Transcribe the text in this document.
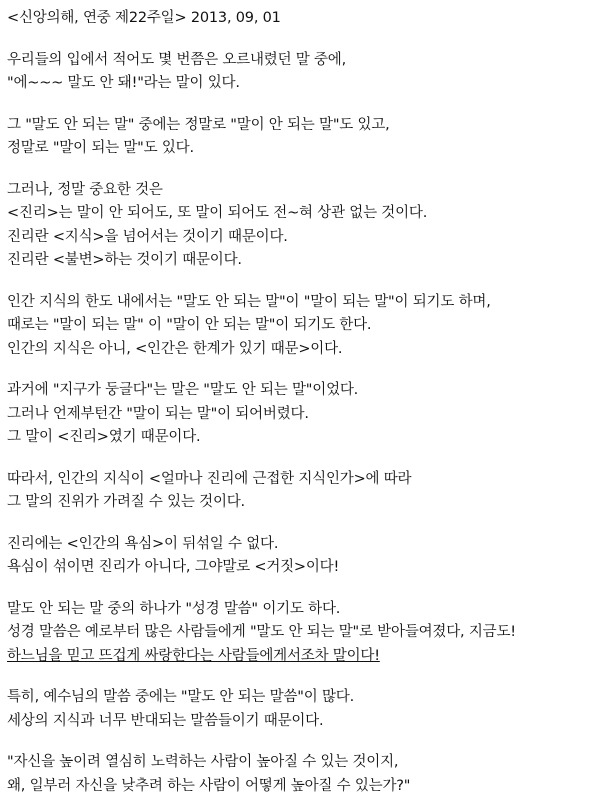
<신앙의해, 연중 제22주일> 2013, 09, 01
우리들의 입에서 적어도 몇 번쯤은 오르내렸던 말 중에,
"에~~~ 말도 안 돼!"라는 말이 있다.
그 "말도 안 되는 말" 중에는 정말로 "말이 안 되는 말"도 있고,
정말로 "말이 되는 말"도 있다.
그러나, 정말 중요한 것은
<진리>는 말이 안 되어도, 또 말이 되어도 전~혀 상관 없는 것이다.
진리란 <지식>을 넘어서는 것이기 때문이다.
진리란 <불변>하는 것이기 때문이다.
인간 지식의 한도 내에서는 "말도 안 되는 말"이 "말이 되는 말"이 되기도 하며,
때로는 "말이 되는 말" 이 "말이 안 되는 말"이 되기도 한다.
인간의 지식은 아니, <인간은 한계가 있기 때문>이다.
과거에 "지구가 둥글다"는 말은 "말도 안 되는 말"이었다.
그러나 언제부턴간 "말이 되는 말"이 되어버렸다.
그 말이 <진리>였기 때문이다.
따라서, 인간의 지식이 <얼마나 진리에 근접한 지식인가>에 따라
그 말의 진위가 가려질 수 있는 것이다.
진리에는 <인간의 욕심>이 뒤섞일 수 없다.
욕심이 섞이면 진리가 아니다, 그야말로 <거짓>이다!
말도 안 되는 말 중의 하나가 "성경 말씀" 이기도 하다.
성경 말씀은 예로부터 많은 사람들에게 "말도 안 되는 말"로 받아들여졌다, 지금도!
하느님을 믿고 뜨겁게 싸랑한다는 사람들에게서조차 말이다!
특히, 예수님의 말씀 중에는 "말도 안 되는 말씀"이 많다.
세상의 지식과 너무 반대되는 말씀들이기 때문이다.
"자신을 높이려 열심히 노력하는 사람이 높아질 수 있는 것이지,
왜, 일부러 자신을 낮추려 하는 사람이 어떻게 높아질 수 있는가?"
